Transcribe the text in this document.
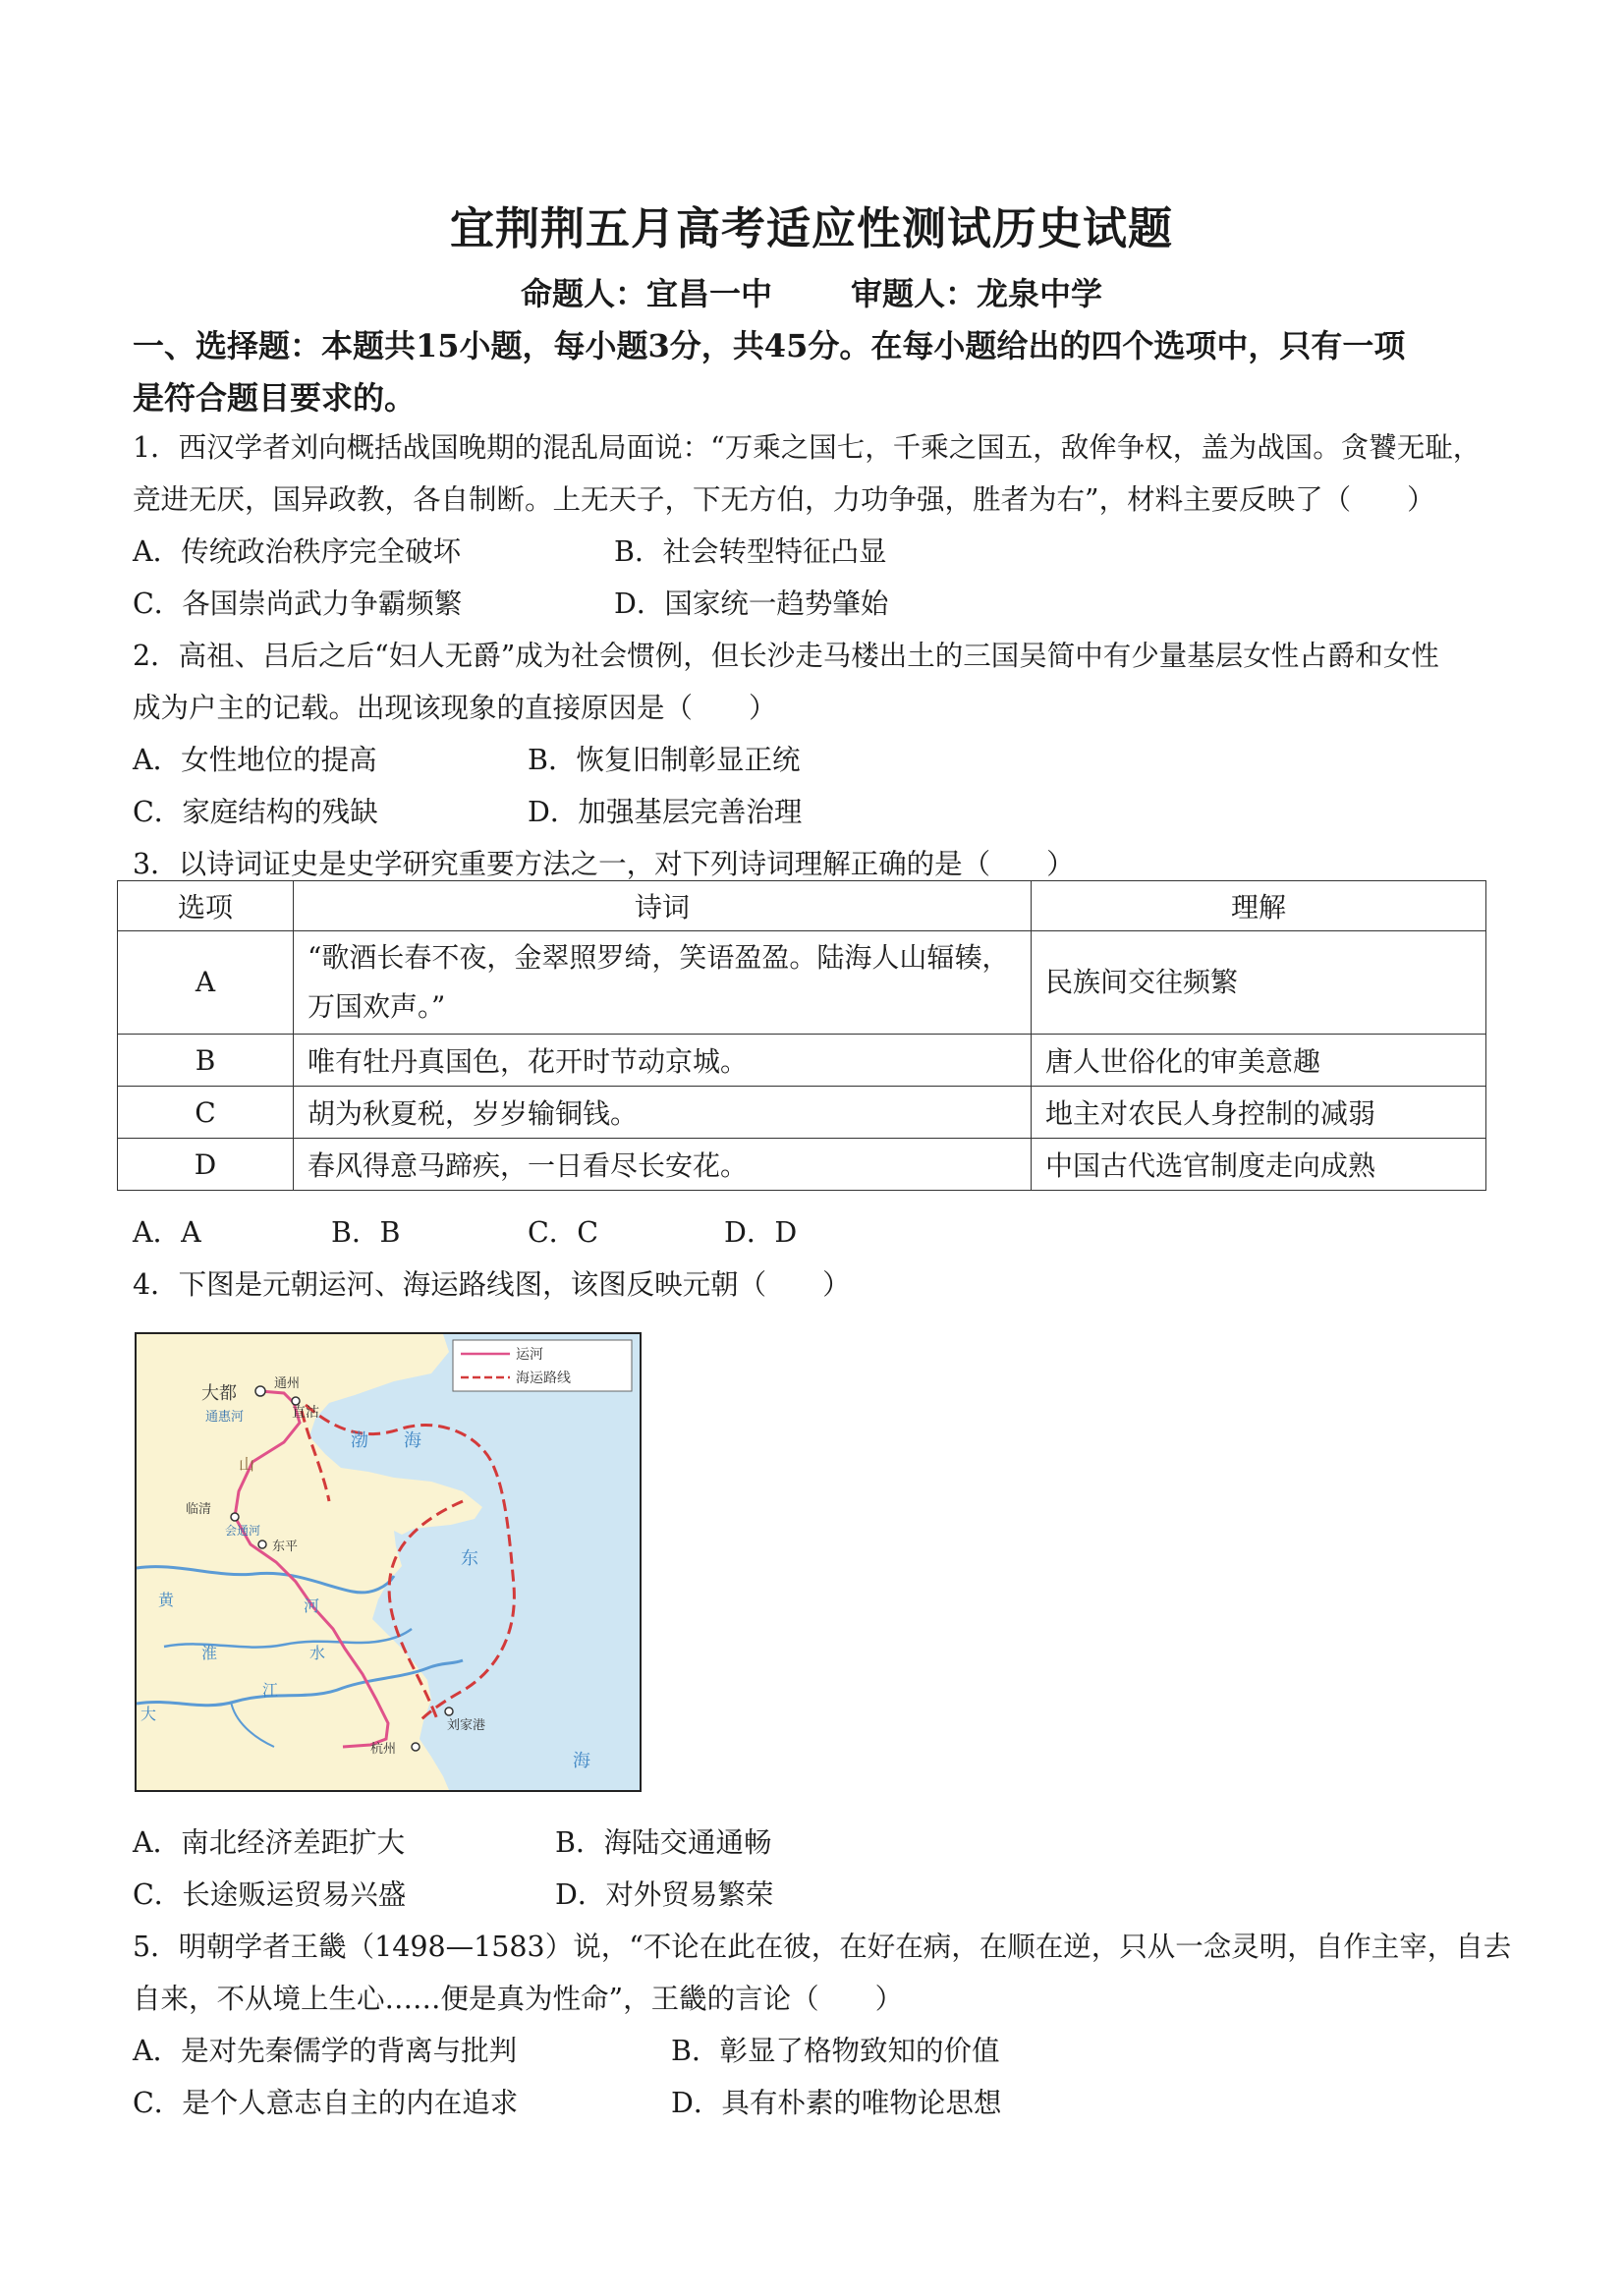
宜荆荆五月高考适应性测试历史试题
命题人：宜昌一中	审题人：龙泉中学
一、选择题：本题共15小题，每小题3分，共45分。在每小题给出的四个选项中，只有一项
是符合题目要求的。
1．西汉学者刘向概括战国晚期的混乱局面说：“万乘之国七，千乘之国五，敌侔争权，盖为战国。贪饕无耻，
竞进无厌，国异政教，各自制断。上无天子，下无方伯，力功争强，胜者为右”，材料主要反映了（　　）
A．传统政治秩序完全破坏	B．社会转型特征凸显
C．各国崇尚武力争霸频繁	D．国家统一趋势肇始
2．高祖、吕后之后“妇人无爵”成为社会惯例，但长沙走马楼出土的三国吴简中有少量基层女性占爵和女性
成为户主的记载。出现该现象的直接原因是（　　）
A．女性地位的提高	B．恢复旧制彰显正统
C．家庭结构的残缺	D．加强基层完善治理
3．以诗词证史是史学研究重要方法之一，对下列诗词理解正确的是（　　）
选项	诗词	理解
A	“歌酒长春不夜，金翠照罗绮，笑语盈盈。陆海人山辐辏，
万国欢声。”	民族间交往频繁
B	唯有牡丹真国色，花开时节动京城。	唐人世俗化的审美意趣
C	胡为秋夏税，岁岁输铜钱。	地主对农民人身控制的减弱
D	春风得意马蹄疾，一日看尽长安花。	中国古代选官制度走向成熟
A．A	B．B	C．C	D．D
4．下图是元朝运河、海运路线图，该图反映元朝（　　）
运河
海运路线
大都	通州
通惠河	直沽
渤 海
临清
会通河
东平
黄	河
淮	水
大
江
刘家港
杭州
东
海
山
A．南北经济差距扩大	B．海陆交通通畅
C．长途贩运贸易兴盛	D．对外贸易繁荣
5．明朝学者王畿（1498—1583）说，“不论在此在彼，在好在病，在顺在逆，只从一念灵明，自作主宰，自去
自来，不从境上生心……便是真为性命”，王畿的言论（　　）
A．是对先秦儒学的背离与批判	B．彰显了格物致知的价值
C．是个人意志自主的内在追求	D．具有朴素的唯物论思想
